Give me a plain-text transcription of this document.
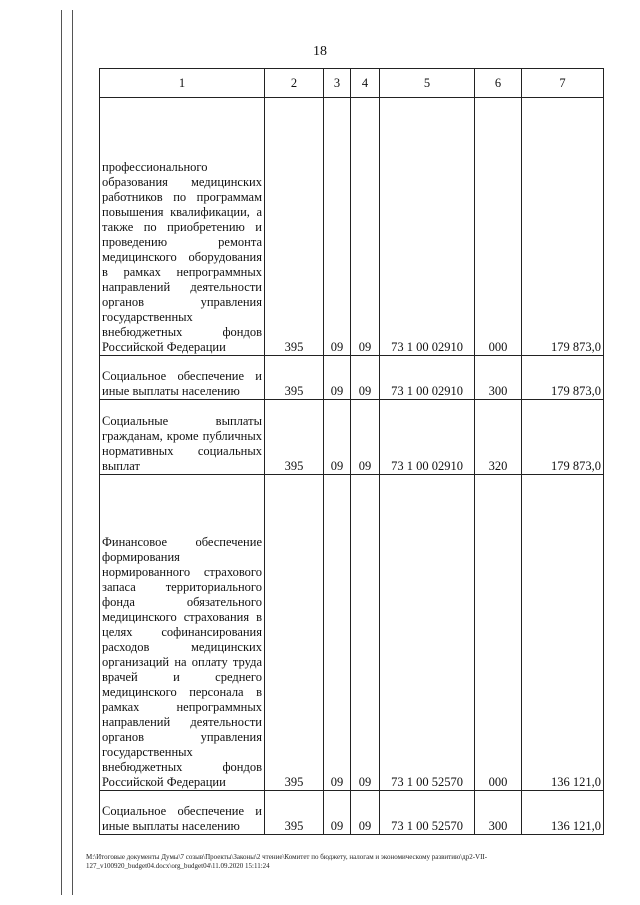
18
1	2	3	4	5	6	7
профессионального образования медицинских работников по программам повышения квалификации, а также по приобретению и проведению ремонта медицинского оборудования в рамках непрограммных направлений деятельности органов управления государственных внебюджетных фондов Российской Федерации	395	09	09	73 1 00 02910	000	179 873,0
Социальное обеспечение и иные выплаты населению	395	09	09	73 1 00 02910	300	179 873,0
Социальные выплаты гражданам, кроме публичных нормативных социальных выплат	395	09	09	73 1 00 02910	320	179 873,0
Финансовое обеспечение формирования нормированного страхового запаса территориального фонда обязательного медицинского страхования в целях софинансирования расходов медицинских организаций на оплату труда врачей и среднего медицинского персонала в рамках непрограммных направлений деятельности органов управления государственных внебюджетных фондов Российской Федерации	395	09	09	73 1 00 52570	000	136 121,0
Социальное обеспечение и иные выплаты населению	395	09	09	73 1 00 52570	300	136 121,0
M:\Итоговые документы Думы\7 созыв\Проекты\Законы\2 чтение\Комитет по бюджету, налогам и экономическому развитию\др2-VII-127_v100920_budget04.docx\org_budget04\11.09.2020 15:11:24
